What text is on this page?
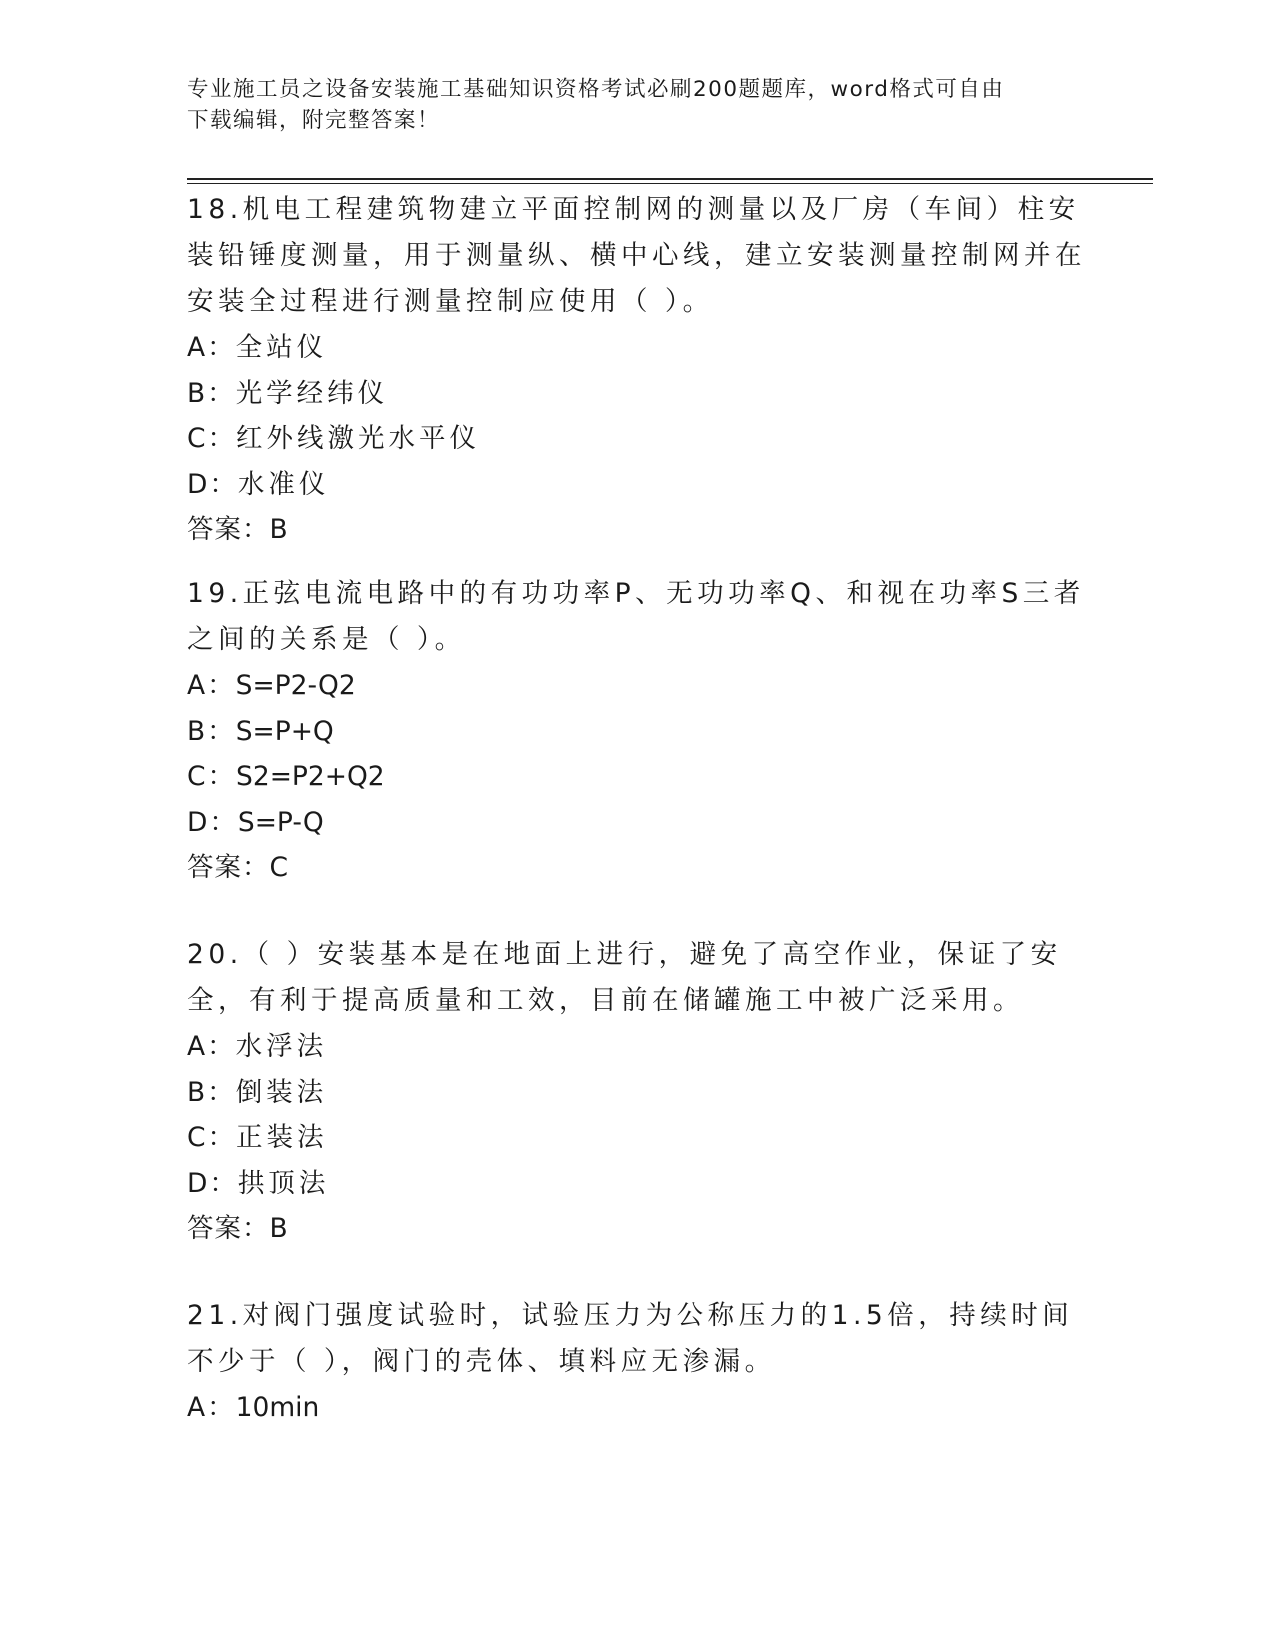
专业施工员之设备安装施工基础知识资格考试必刷200题题库，word格式可自由
下载编辑，附完整答案！

18.机电工程建筑物建立平面控制网的测量以及厂房（车间）柱安装铅锤度测量，用于测量纵、横中心线，建立安装测量控制网并在安装全过程进行测量控制应使用（ ）。

A：全站仪

B：光学经纬仪

C：红外线激光水平仪

D：水准仪

答案：B

19.正弦电流电路中的有功功率P、无功功率Q、和视在功率S三者之间的关系是（ ）。

A：S=P2-Q2

B：S=P+Q

C：S2=P2+Q2

D：S=P-Q

答案：C

20.（ ）安装基本是在地面上进行，避免了高空作业，保证了安全，有利于提高质量和工效，目前在储罐施工中被广泛采用。

A：水浮法

B：倒装法

C：正装法

D：拱顶法

答案：B

21.对阀门强度试验时，试验压力为公称压力的1.5倍，持续时间不少于（ ），阀门的壳体、填料应无渗漏。

A：10min
